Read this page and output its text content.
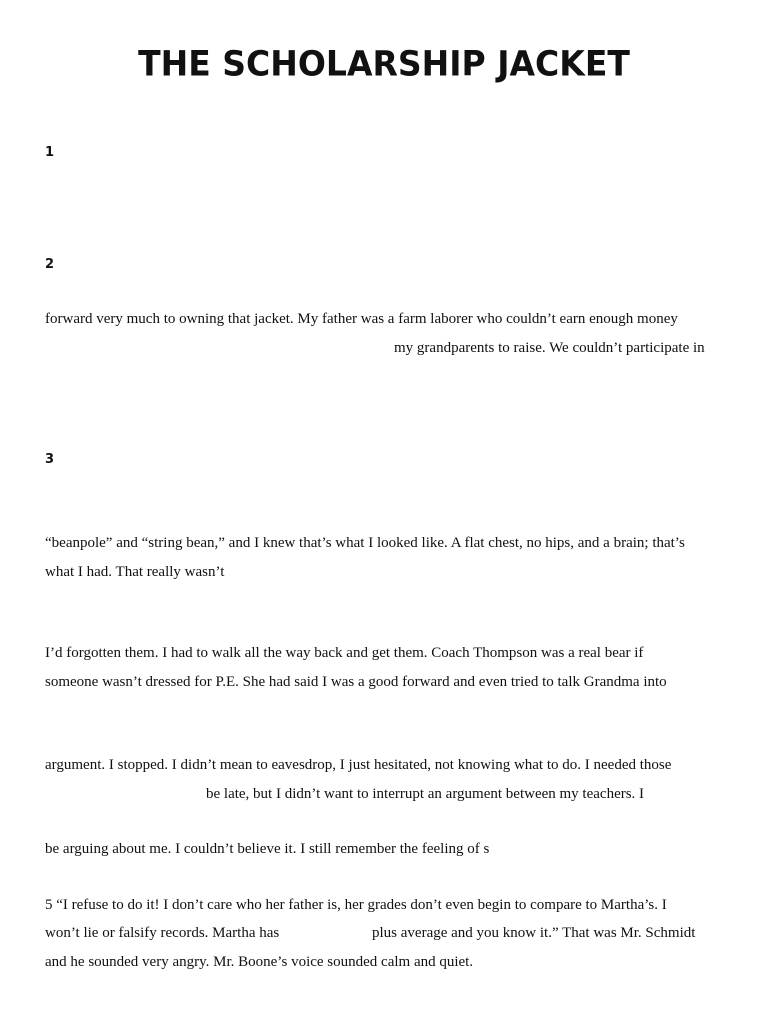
THE SCHOLARSHIP JACKET
1
2
3
forward very much to owning that jacket. My father was a farm laborer who couldn’t earn enough money
my grandparents to raise. We couldn’t participate in
“beanpole” and “string bean,” and I knew that’s what I looked like. A flat chest, no hips, and a brain; that’s
what I had. That really wasn’t
I’d forgotten them. I had to walk all the way back and get them. Coach Thompson was a real bear if
someone wasn’t dressed for P.E. She had said I was a good forward and even tried to talk Grandma into
argument. I stopped. I didn’t mean to eavesdrop, I just hesitated, not knowing what to do. I needed those
be late, but I didn’t want to interrupt an argument between my teachers. I
be arguing about me. I couldn’t believe it. I still remember the feeling of s
5 “I refuse to do it! I don’t care who her father is, her grades don’t even begin to compare to Martha’s. I
won’t lie or falsify records. Martha has	plus average and you know it.” That was Mr. Schmidt
and he sounded very angry. Mr. Boone’s voice sounded calm and quiet.
